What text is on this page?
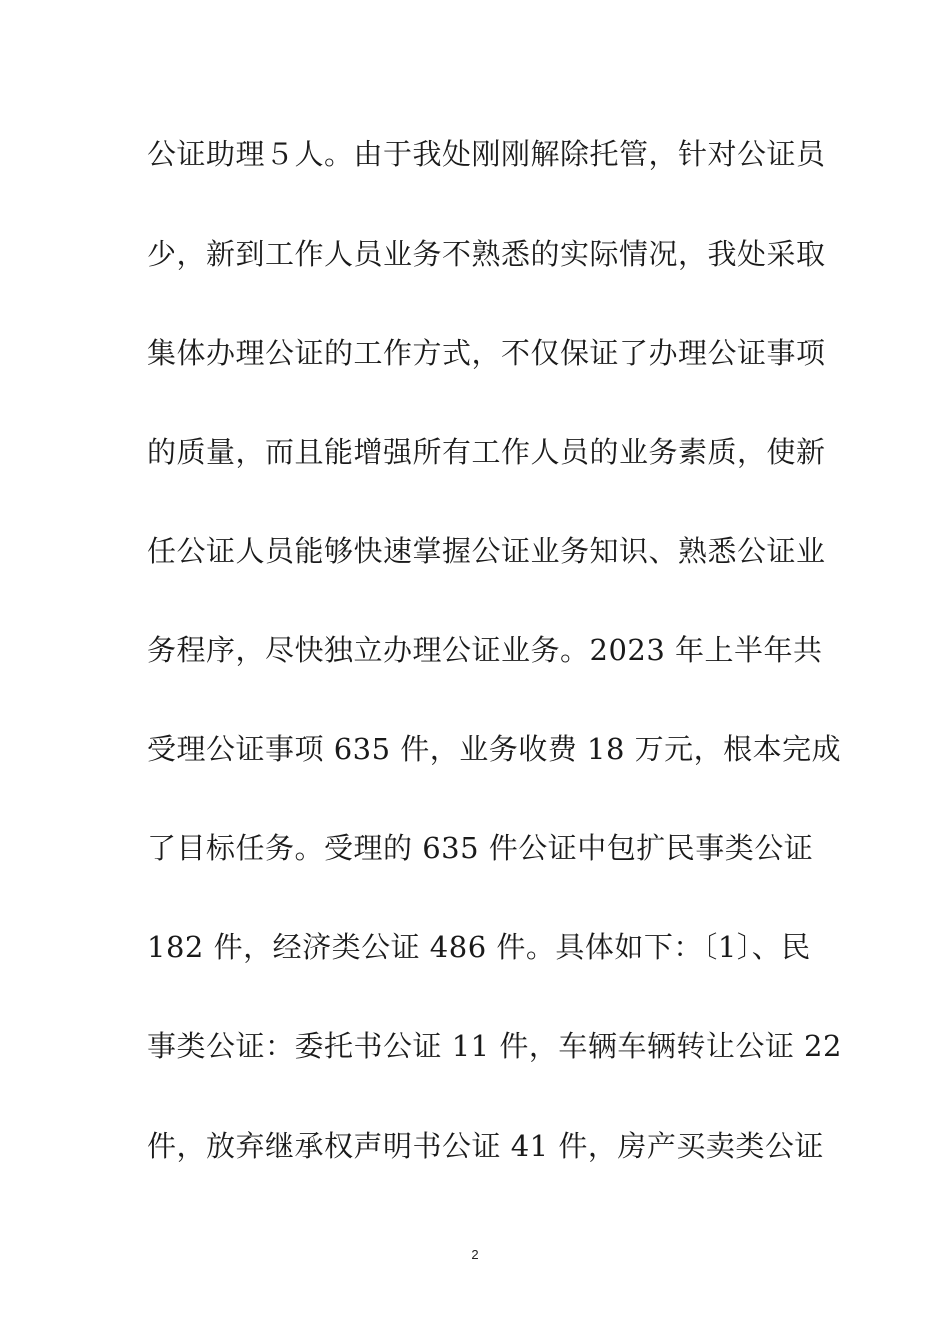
公证助理５人。由于我处刚刚解除托管，针对公证员
少，新到工作人员业务不熟悉的实际情况，我处采取
集体办理公证的工作方式，不仅保证了办理公证事项
的质量，而且能增强所有工作人员的业务素质，使新
任公证人员能够快速掌握公证业务知识、熟悉公证业
务程序，尽快独立办理公证业务。2023 年上半年共
受理公证事项 635 件，业务收费 18 万元，根本完成
了目标任务。受理的 635 件公证中包扩民事类公证
182 件，经济类公证 486 件。具体如下：〔1〕、民
事类公证：委托书公证 11 件，车辆车辆转让公证 22
件，放弃继承权声明书公证 41 件，房产买卖类公证
2
